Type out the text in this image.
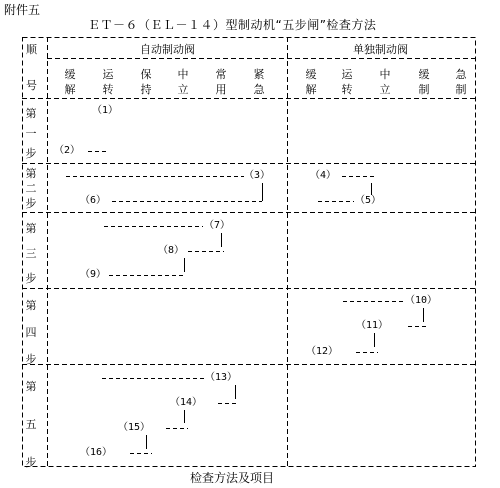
附件五
ＥＴ－６（ＥＬ－１４）型制动机“五步闸”检查方法
顺
号
自动制动阀	单独制动阀
缓
解
运
转
保
持
中
立
常
用
紧
急
缓
解
运
转
中
立
缓
制
急
制
第
一
步
第
二
步
第
三
步
第
四
步
第
五
步
（1）
（2）
（3）	（4）
（5）
（6）
（7）
（8）
（9）
（10）
（11）
（12）
（13）
（14）
（15）
（16）
检查方法及项目
